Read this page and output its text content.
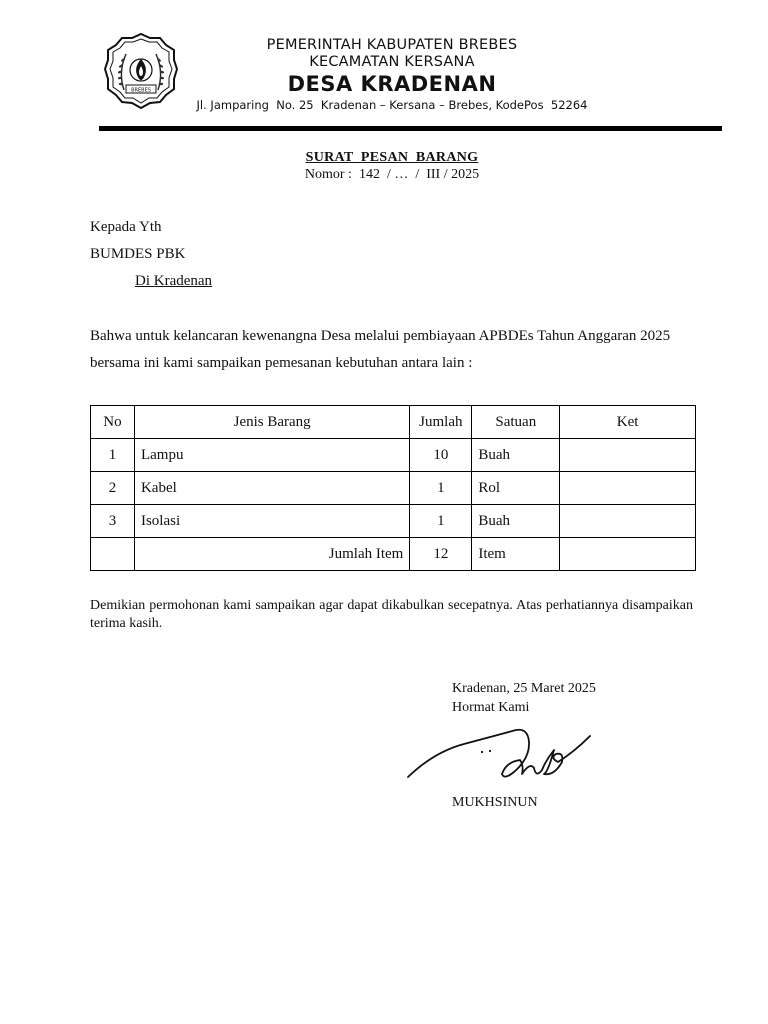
BREBES
PEMERINTAH KABUPATEN BREBES
KECAMATAN KERSANA
DESA KRADENAN
Jl. Jamparing  No. 25  Kradenan – Kersana – Brebes, KodePos  52264
SURAT  PESAN  BARANG
Nomor :  142  / …  /  III / 2025
Kepada Yth
BUMDES PBK
Di Kradenan
Bahwa untuk kelancaran kewenangna Desa melalui pembiayaan APBDEs Tahun Anggaran 2025 bersama ini kami sampaikan pemesanan kebutuhan antara lain :
No	Jenis Barang	Jumlah	Satuan	Ket
1	Lampu	10	Buah	
2	Kabel	1	Rol	
3	Isolasi	1	Buah	
	Jumlah Item	12	Item	
Demikian permohonan kami sampaikan agar dapat dikabulkan secepatnya. Atas perhatiannya disampaikan terima kasih.
Kradenan, 25 Maret 2025
Hormat Kami
MUKHSINUN
